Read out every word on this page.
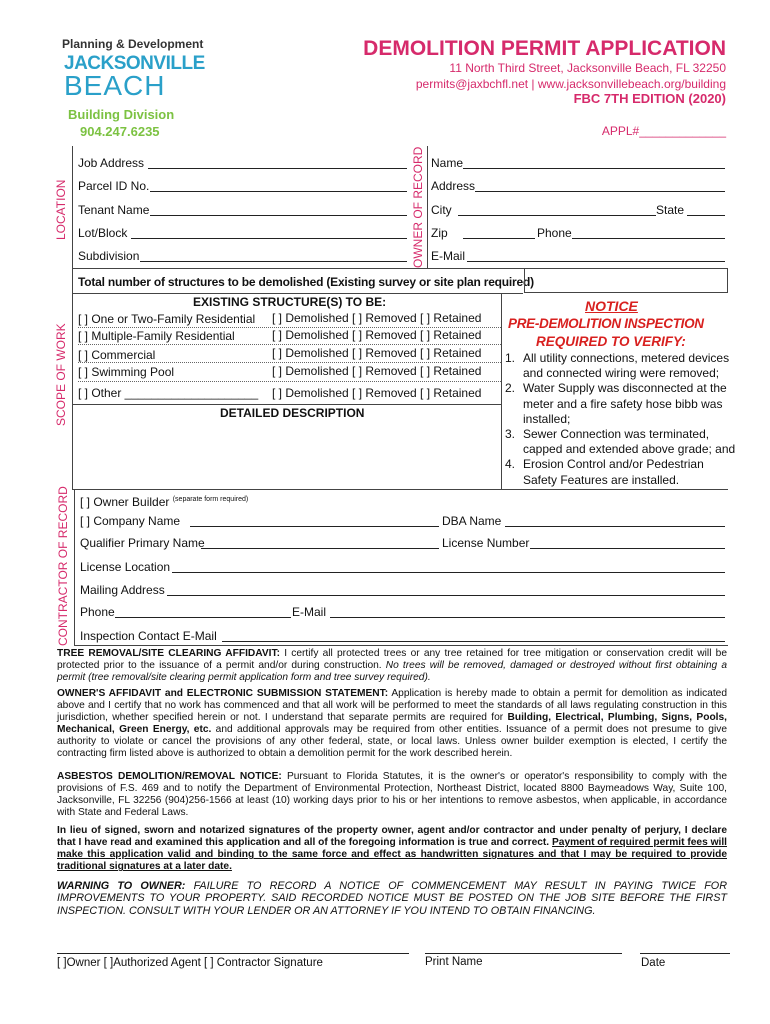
Planning & Development
JACKSONVILLE
BEACH
Building Division
904.247.6235
DEMOLITION PERMIT APPLICATION
11 North Third Street, Jacksonville Beach, FL 32250
permits@jaxbchfl.net | www.jacksonvillebeach.org/building
FBC 7TH EDITION (2020)
APPL#_____________
LOCATION	OWNER OF RECORD
Job Address
Parcel ID No.
Tenant Name
Lot/Block
Subdivision
Name
Address
City	State
Zip	Phone
E-Mail
SCOPE OF WORK
Total number of structures to be demolished (Existing survey or site plan required)
EXISTING STRUCTURE(S) TO BE:
[ ] One or Two-Family Residential [ ] Demolished [ ] Removed [ ] Retained
[ ] Multiple-Family Residential	[ ] Demolished [ ] Removed [ ] Retained
[ ] Commercial	[ ] Demolished [ ] Removed [ ] Retained
[ ] Swimming Pool	[ ] Demolished [ ] Removed [ ] Retained
[ ] Other ____________________ [ ] Demolished [ ] Removed [ ] Retained
DETAILED DESCRIPTION
NOTICE
PRE-DEMOLITION INSPECTION
REQUIRED TO VERIFY:
1. All utility connections, metered devices
and connected wiring were removed;
2. Water Supply was disconnected at the
meter and a fire safety hose bibb was
installed;
3. Sewer Connection was terminated,
capped and extended above grade; and
4. Erosion Control and/or Pedestrian
Safety Features are installed.
CONTRACTOR OF RECORD [ ] Owner Builder $^{(separate form required)}$
[ ] Company Name	DBA Name
Qualifier Primary Name	License Number
License Location
Mailing Address
Phone	E-Mail
Inspection Contact E-Mail
TREE REMOVAL/SITE CLEARING AFFIDAVIT: I certify all protected trees or any tree retained for tree mitigation or conservation credit will be protected prior to the issuance of a permit and/or during construction. No trees will be removed, damaged or destroyed without first obtaining a permit (tree removal/site clearing permit application form and tree survey required).
OWNER'S AFFIDAVIT and ELECTRONIC SUBMISSION STATEMENT: Application is hereby made to obtain a permit for demolition as indicated above and I certify that no work has commenced and that all work will be performed to meet the standards of all laws regulating construction in this jurisdiction, whether specified herein or not. I understand that separate permits are required for Building, Electrical, Plumbing, Signs, Pools, Mechanical, Green Energy, etc. and additional approvals may be required from other entities. Issuance of a permit does not presume to give authority to violate or cancel the provisions of any other federal, state, or local laws. Unless owner builder exemption is elected, I certify the contracting firm listed above is authorized to obtain a demolition permit for the work described herein.
ASBESTOS DEMOLITION/REMOVAL NOTICE: Pursuant to Florida Statutes, it is the owner's or operator's responsibility to comply with the provisions of F.S. 469 and to notify the Department of Environmental Protection, Northeast District, located 8800 Baymeadows Way, Suite 100, Jacksonville, FL 32256 (904)256-1566 at least (10) working days prior to his or her intentions to remove asbestos, when applicable, in accordance with State and Federal Laws.
In lieu of signed, sworn and notarized signatures of the property owner, agent and/or contractor and under penalty of perjury, I declare that I have read and examined this application and all of the foregoing information is true and correct. Payment of required permit fees will make this application valid and binding to the same force and effect as handwritten signatures and that I may be required to provide traditional signatures at a later date.
WARNING TO OWNER: FAILURE TO RECORD A NOTICE OF COMMENCEMENT MAY RESULT IN PAYING TWICE FOR IMPROVEMENTS TO YOUR PROPERTY. SAID RECORDED NOTICE MUST BE POSTED ON THE JOB SITE BEFORE THE FIRST INSPECTION. CONSULT WITH YOUR LENDER OR AN ATTORNEY IF YOU INTEND TO OBTAIN FINANCING.
[ ]Owner [ ]Authorized Agent [ ] Contractor Signature	Print Name	Date
